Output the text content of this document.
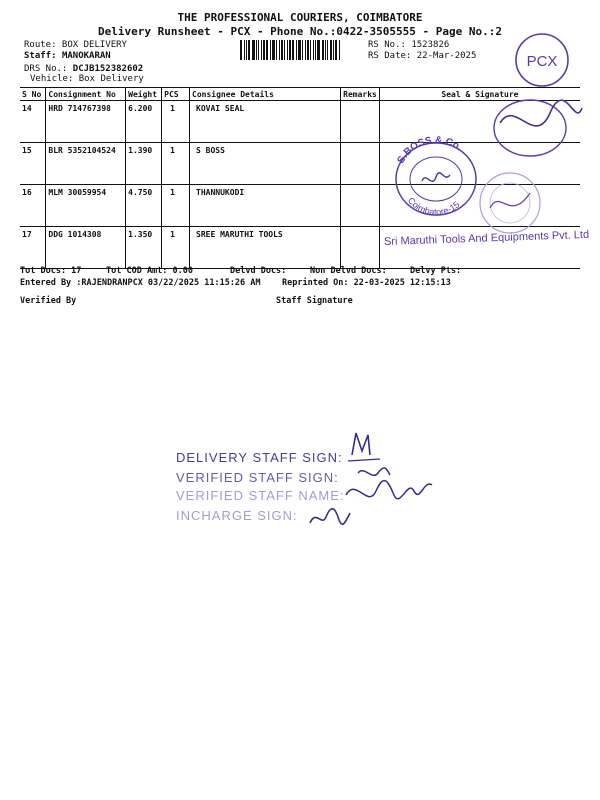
THE PROFESSIONAL COURIERS, COIMBATORE
Delivery Runsheet - PCX - Phone No.:0422-3505555 - Page No.:2
Route: BOX DELIVERY
Staff: MANOKARAN
DRS No.: DCJB152382602
Vehicle: Box Delivery
RS No.: 1523826
RS Date: 22-Mar-2025
S No	Consignment No	Weight	PCS	Consignee Details	Remarks	Seal & Signature
14	HRD 714767398	6.200	1	KOVAI SEAL		
15	BLR 5352104524	1.390	1	S BOSS		
16	MLM 30059954	4.750	1	THANNUKODI		
17	DDG 1014308	1.350	1	SREE MARUTHI TOOLS		
Tot Docs: 17	Tot COD Amt: 0.00	Delvd Docs:	Non Delvd Docs:	Delvy Pts:
Entered By :RAJENDRANPCX 03/22/2025 11:15:26 AM	Reprinted On: 22-03-2025 12:15:13
Verified By	Staff Signature
PCX
S.BOSS & Co.
Coimbatore-15
Sri Maruthi Tools And Equipments Pvt. Ltd
DELIVERY STAFF SIGN:
VERIFIED STAFF SIGN:
VERIFIED STAFF NAME:
INCHARGE SIGN:
